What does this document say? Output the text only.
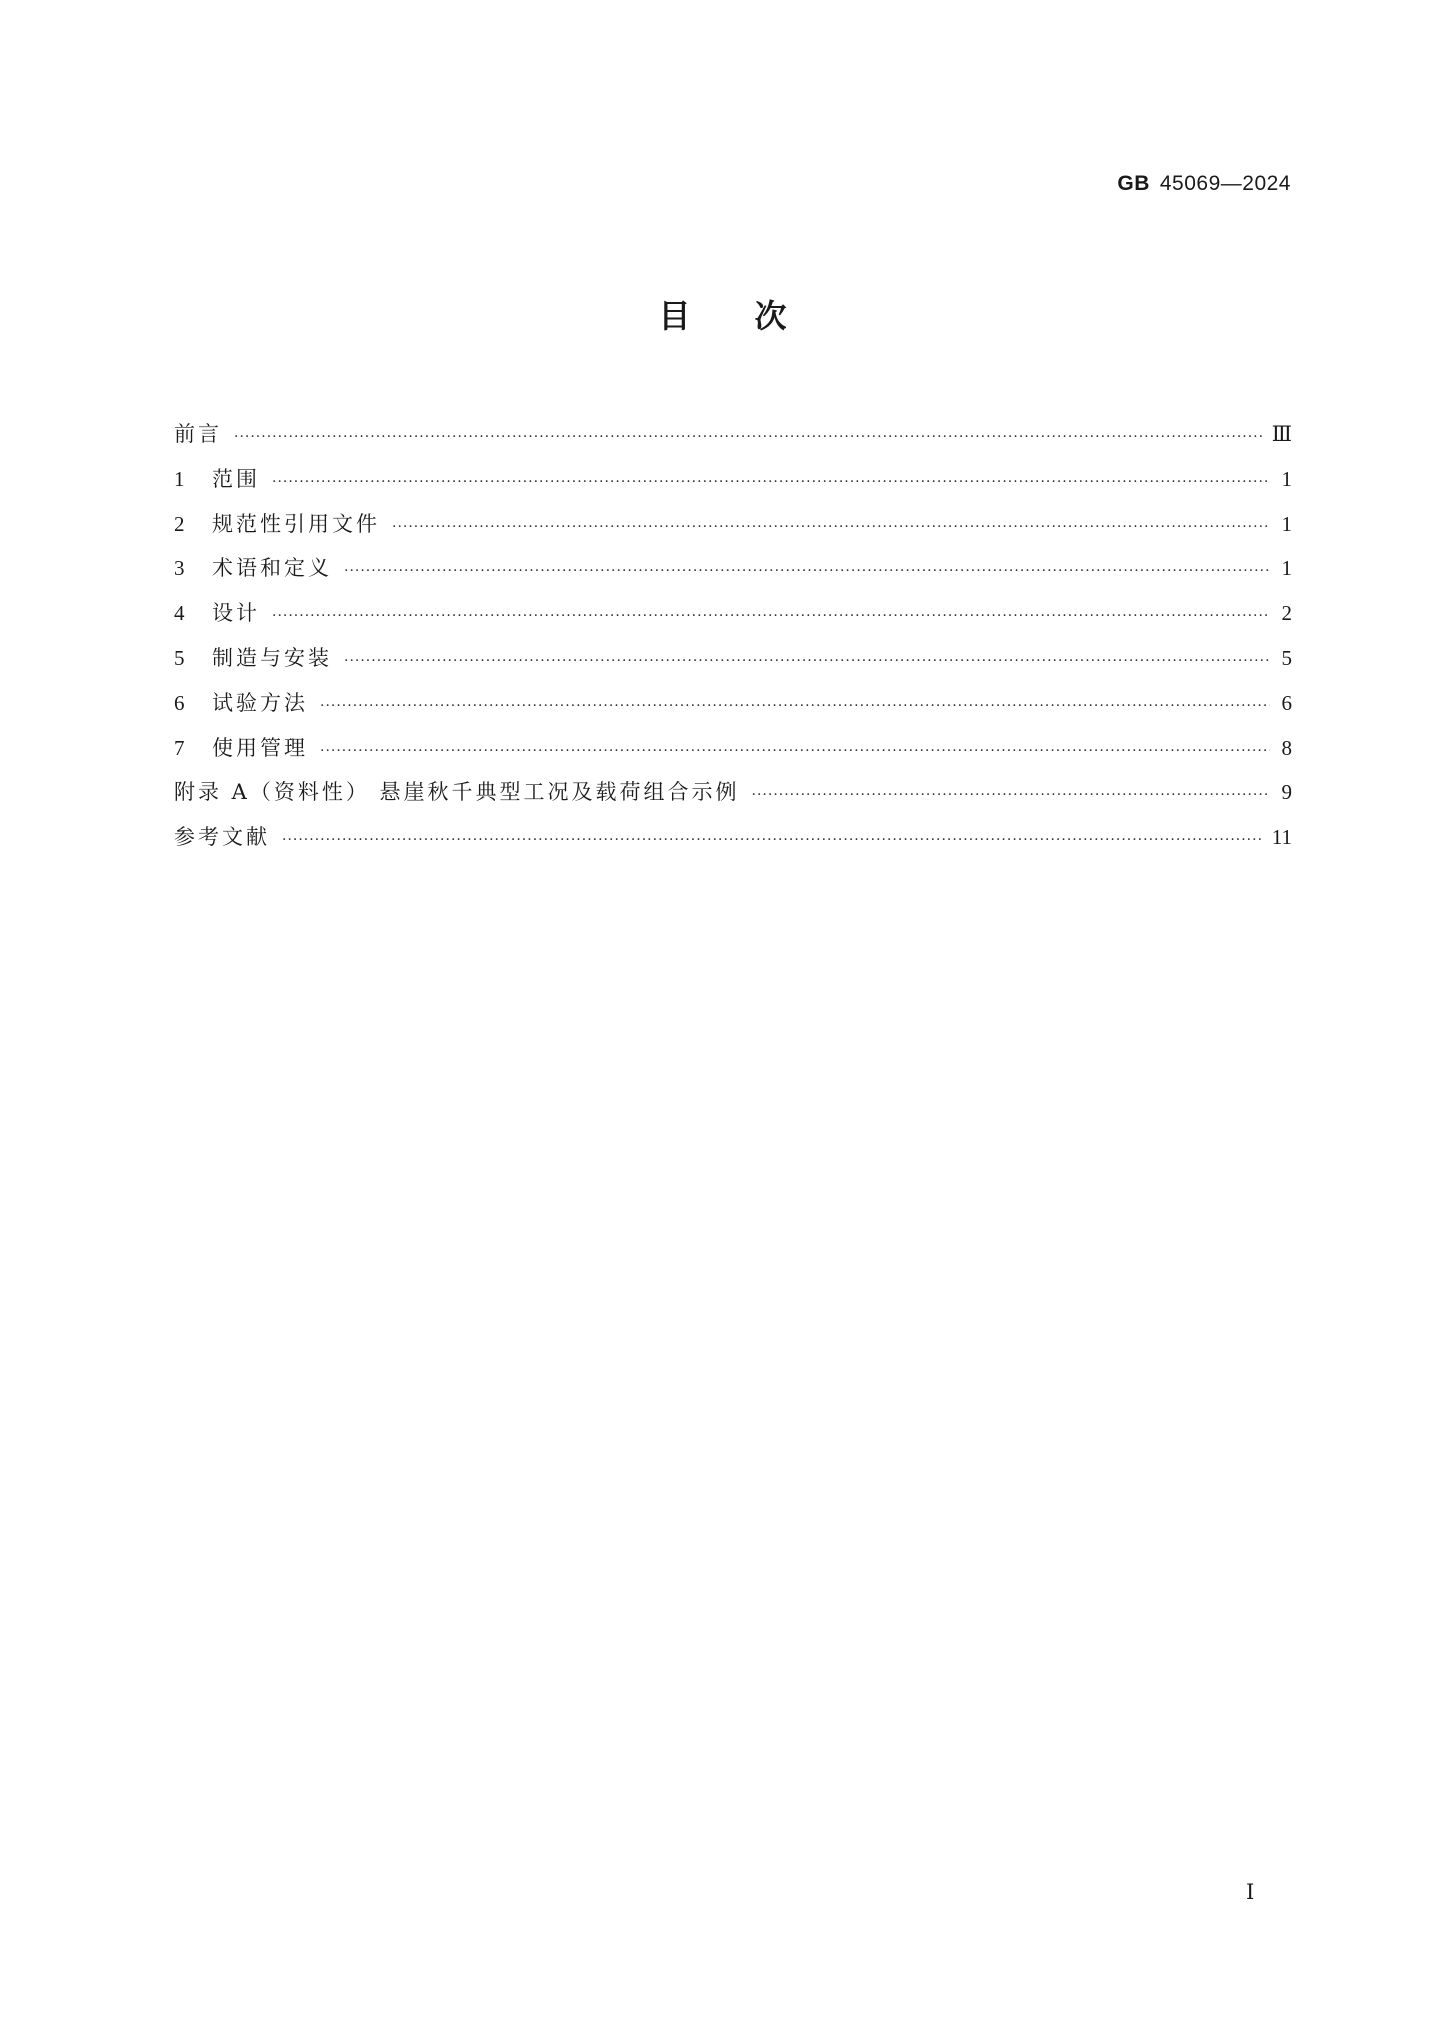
GB 45069—2024
目次
前言 ·····	Ⅲ
1	范围 ·····	1
2	规范性引用文件 ·····	1
3	术语和定义 ·····	1
4	设计 ·····	2
5	制造与安装 ·····	5
6	试验方法 ·····	6
7	使用管理 ·····	8
附录 A（资料性） 悬崖秋千典型工况及载荷组合示例 ·····	9
参考文献 ·····	11
Ⅰ
